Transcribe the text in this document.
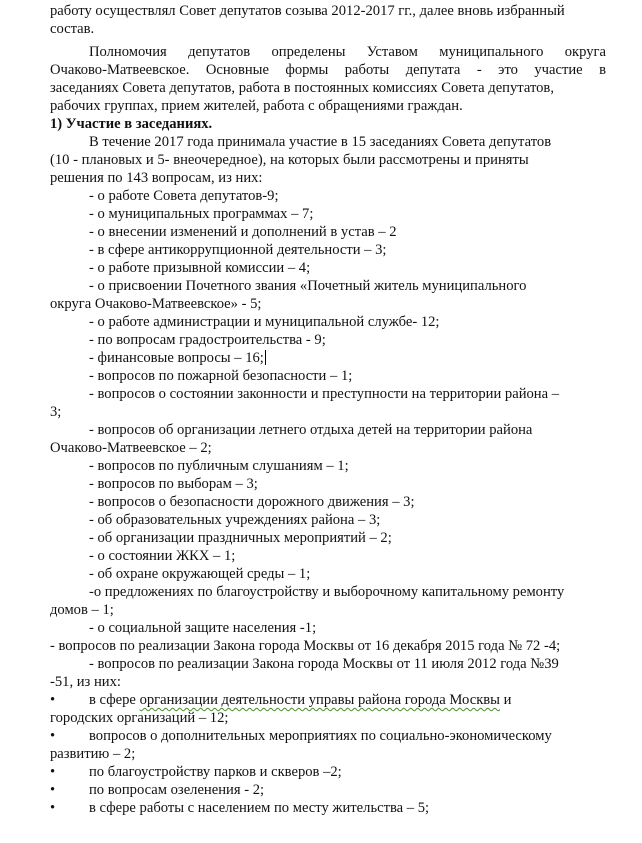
работу осуществлял Совет депутатов созыва 2012-2017 гг., далее вновь избранный
состав.
Полномочия депутатов определены Уставом муниципального округа
Очаково-Матвеевское. Основные формы работы депутата - это участие в
заседаниях Совета депутатов, работа в постоянных комиссиях Совета депутатов,
рабочих группах, прием жителей, работа с обращениями граждан.
1) Участие в заседаниях.
В течение 2017 года принимала участие в 15 заседаниях Совета депутатов
(10 - плановых и 5- внеочередное), на которых были рассмотрены и приняты
решения по 143 вопросам, из них:
- о работе Совета депутатов-9;
- о муниципальных программах – 7;
- о внесении изменений и дополнений в устав – 2
- в сфере антикоррупционной деятельности – 3;
- о работе призывной комиссии – 4;
- о присвоении Почетного звания «Почетный житель муниципального
округа Очаково-Матвеевское» - 5;
- о работе администрации и муниципальной службе- 12;
- по вопросам градостроительства - 9;
- финансовые вопросы – 16;
- вопросов по пожарной безопасности – 1;
- вопросов о состоянии законности и преступности на территории района –
3;
- вопросов об организации летнего отдыха детей на территории района
Очаково-Матвеевское – 2;
- вопросов по публичным слушаниям – 1;
- вопросов по выборам – 3;
- вопросов о безопасности дорожного движения – 3;
- об образовательных учреждениях района – 3;
- об организации праздничных мероприятий – 2;
- о состоянии ЖКХ – 1;
- об охране окружающей среды – 1;
-о предложениях по благоустройству и выборочному капитальному ремонту
домов – 1;
- о социальной защите населения -1;
- вопросов по реализации Закона города Москвы от 16 декабря 2015 года № 72 -4;
- вопросов по реализации Закона города Москвы от 11 июля 2012 года №39
-51, из них:
• в сфере организации деятельности управы района города Москвы и
городских организаций – 12;
• вопросов о дополнительных мероприятиях по социально-экономическому
развитию – 2;
• по благоустройству парков и скверов –2;
• по вопросам озеленения - 2;
• в сфере работы с населением по месту жительства – 5;
